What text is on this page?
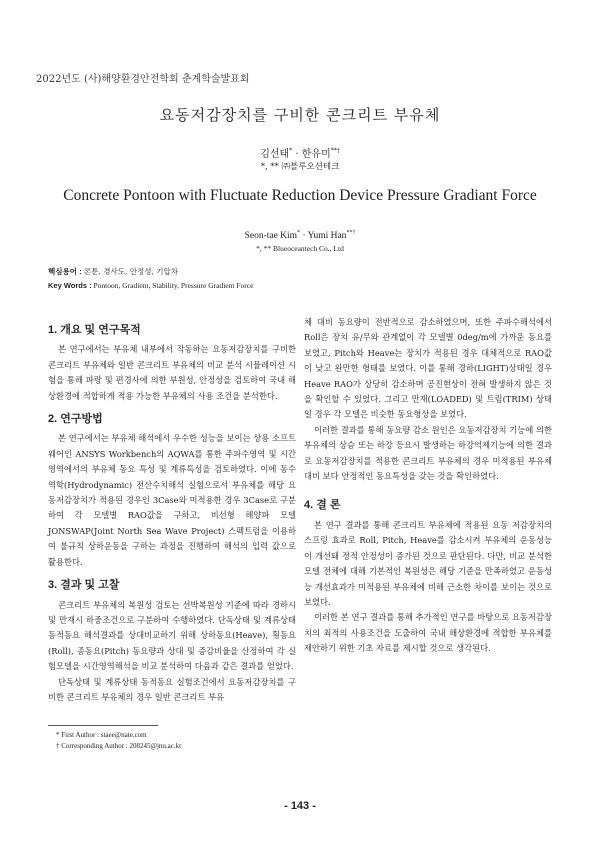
2022년도 (사)해양환경안전학회 춘계학술발표회
요동저감장치를 구비한 콘크리트 부유체
김선태* · 한유미**†
*, ** ㈜블루오션테크
Concrete Pontoon with Fluctuate Reduction Device Pressure Gradiant Force
Seon-tae Kim* · Yumi Han**†
*, ** Blueoceantech Co., Ltd
핵심용어 : 론툰, 경사도, 안정성, 기압차
Key Words : Pontoon, Gradient, Stability, Pressure Gradient Force

1. 개요 및 연구목적

본 연구에서는 부유체 내부에서 작동하는 요동저감장치를 구비한 콘크리트 부유체와 일반 콘크리트 부유체의 비교 분석 시뮬레이션 시험을 통해 파랑 및 편경사에 의한 부원성, 안정성을 검토하여 국내 해상환경에 적합하게 적용 가능한 부유체의 사용 조건을 분석한다.

2. 연구방법

본 연구에서는 부유체 해석에서 우수한 성능을 보이는 상용 소프트웨어인 ANSYS Workbench의 AQWA를 통한 주파수영역 및 시간영역에서의 부유체 동요 특성 및 계류특성을 검토하였다. 이에 동수역학(Hydrodynamic) 전산수치해석 실험으로서 부유체를 해당 요동저감장치가 적용된 경우인 3Case와 미적용한 경우 3Case로 구분하여 각 모델별 RAO값을 구하고, 비선형 해양파 모델 JONSWAP(Joint North Sea Wave Project) 스펙트럼을 이용하여 불규칙 상하운동을 구하는 과정을 진행하여 해석의 입력 값으로 활용한다.

3. 결과 및 고찰

콘크리트 부유체의 복원성 검토는 선박복원성 기준에 따라 경하시 및 만재시 하중조건으로 구분하여 수행하였다. 단독상태 및 계류상태 동적동요 해석결과를 상대비교하기 위해 상하동요(Heave), 횡동요(Roll), 종동요(Pitch) 동요량과 상대 및 증감비율을 산정하여 각 실험모델을 시간영역해석을 비교 분석하여 다음과 같은 결과를 얻었다.

단독상태 및 계류상태 동적동요 실험조건에서 요동저감장치를 구비한 콘크리트 부유체의 경우 일반 콘크리트 부유

체 대비 동요량이 전반적으로 감소하였으며, 또한 주파수해석에서 Roll은 장치 유/무와 관계없이 각 모델별 0deg/m에 가까운 동요를 보였고, Pitch와 Heave는 장치가 적용된 경우 대체적으로 RAO값이 낮고 완만한 형태를 보였다. 이를 통해 경하(LIGHT)상태일 경우 Heave RAO가 상당히 감소하며 공진현상이 전혀 발생하지 않은 것을 확인할 수 있었다. 그리고 만재(LOADED) 및 트림(TRIM) 상태일 경우 각 모델은 비슷한 동요형상을 보였다.

이러한 결과를 통해 동요량 감소 원인은 요동저감장치 기능에 의한 부유체의 상승 또는 하강 등요시 발생하는 하강억제기능에 의한 결과로 요동저감장치를 적용한 콘크리트 부유체의 경우 미적용된 부유체 대비 보다 안정적인 동요특성을 갖는 것을 확인하였다.

4. 결 론

본 연구 결과를 통해 콘크리트 부유체에 적용된 요동 저감장치의 스프링 효과로 Roll, Pitch, Heave를 감소시켜 부유체의 운동성능이 개선돼 정적 안정성이 증가된 것으로 판단된다. 다만, 비교 분석한 모델 전체에 대해 기본적인 복원성은 해당 기준을 만족하였고 운동성능 개선효과가 미적용된 부유체에 비해 근소한 차이를 보이는 것으로 보였다.

이러한 본 연구 결과를 통해 추가적인 연구를 바탕으로 요동저감장치의 최적의 사용조건을 도출하여 국내 해상환경에 적합한 부유체를 제안하기 위한 기초 자료를 제시할 것으로 생각된다.

* First Author : staee@nate.com
† Corresponding Author : 208245@jnu.ac.kr
- 143 -
